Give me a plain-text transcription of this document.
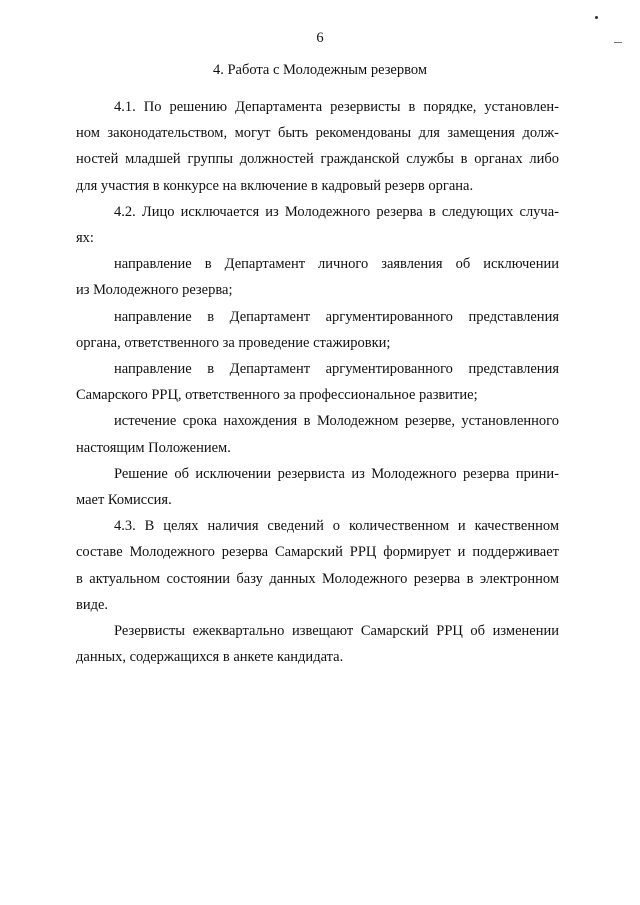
6
4. Работа с Молодежным резервом
4.1. По решению Департамента резервисты в порядке, установлен-
ном законодательством, могут быть рекомендованы для замещения долж-
ностей младшей группы должностей гражданской службы в органах либо
для участия в конкурсе на включение в кадровый резерв органа.
4.2. Лицо исключается из Молодежного резерва в следующих случа-
ях:
направление в Департамент личного заявления об исключении
из Молодежного резерва;
направление в Департамент аргументированного представления
органа, ответственного за проведение стажировки;
направление в Департамент аргументированного представления
Самарского РРЦ, ответственного за профессиональное развитие;
истечение срока нахождения в Молодежном резерве, установленного
настоящим Положением.
Решение об исключении резервиста из Молодежного резерва прини-
мает Комиссия.
4.3. В целях наличия сведений о количественном и качественном
составе Молодежного резерва Самарский РРЦ формирует и поддерживает
в актуальном состоянии базу данных Молодежного резерва в электронном
виде.
Резервисты ежеквартально извещают Самарский РРЦ об изменении
данных, содержащихся в анкете кандидата.
